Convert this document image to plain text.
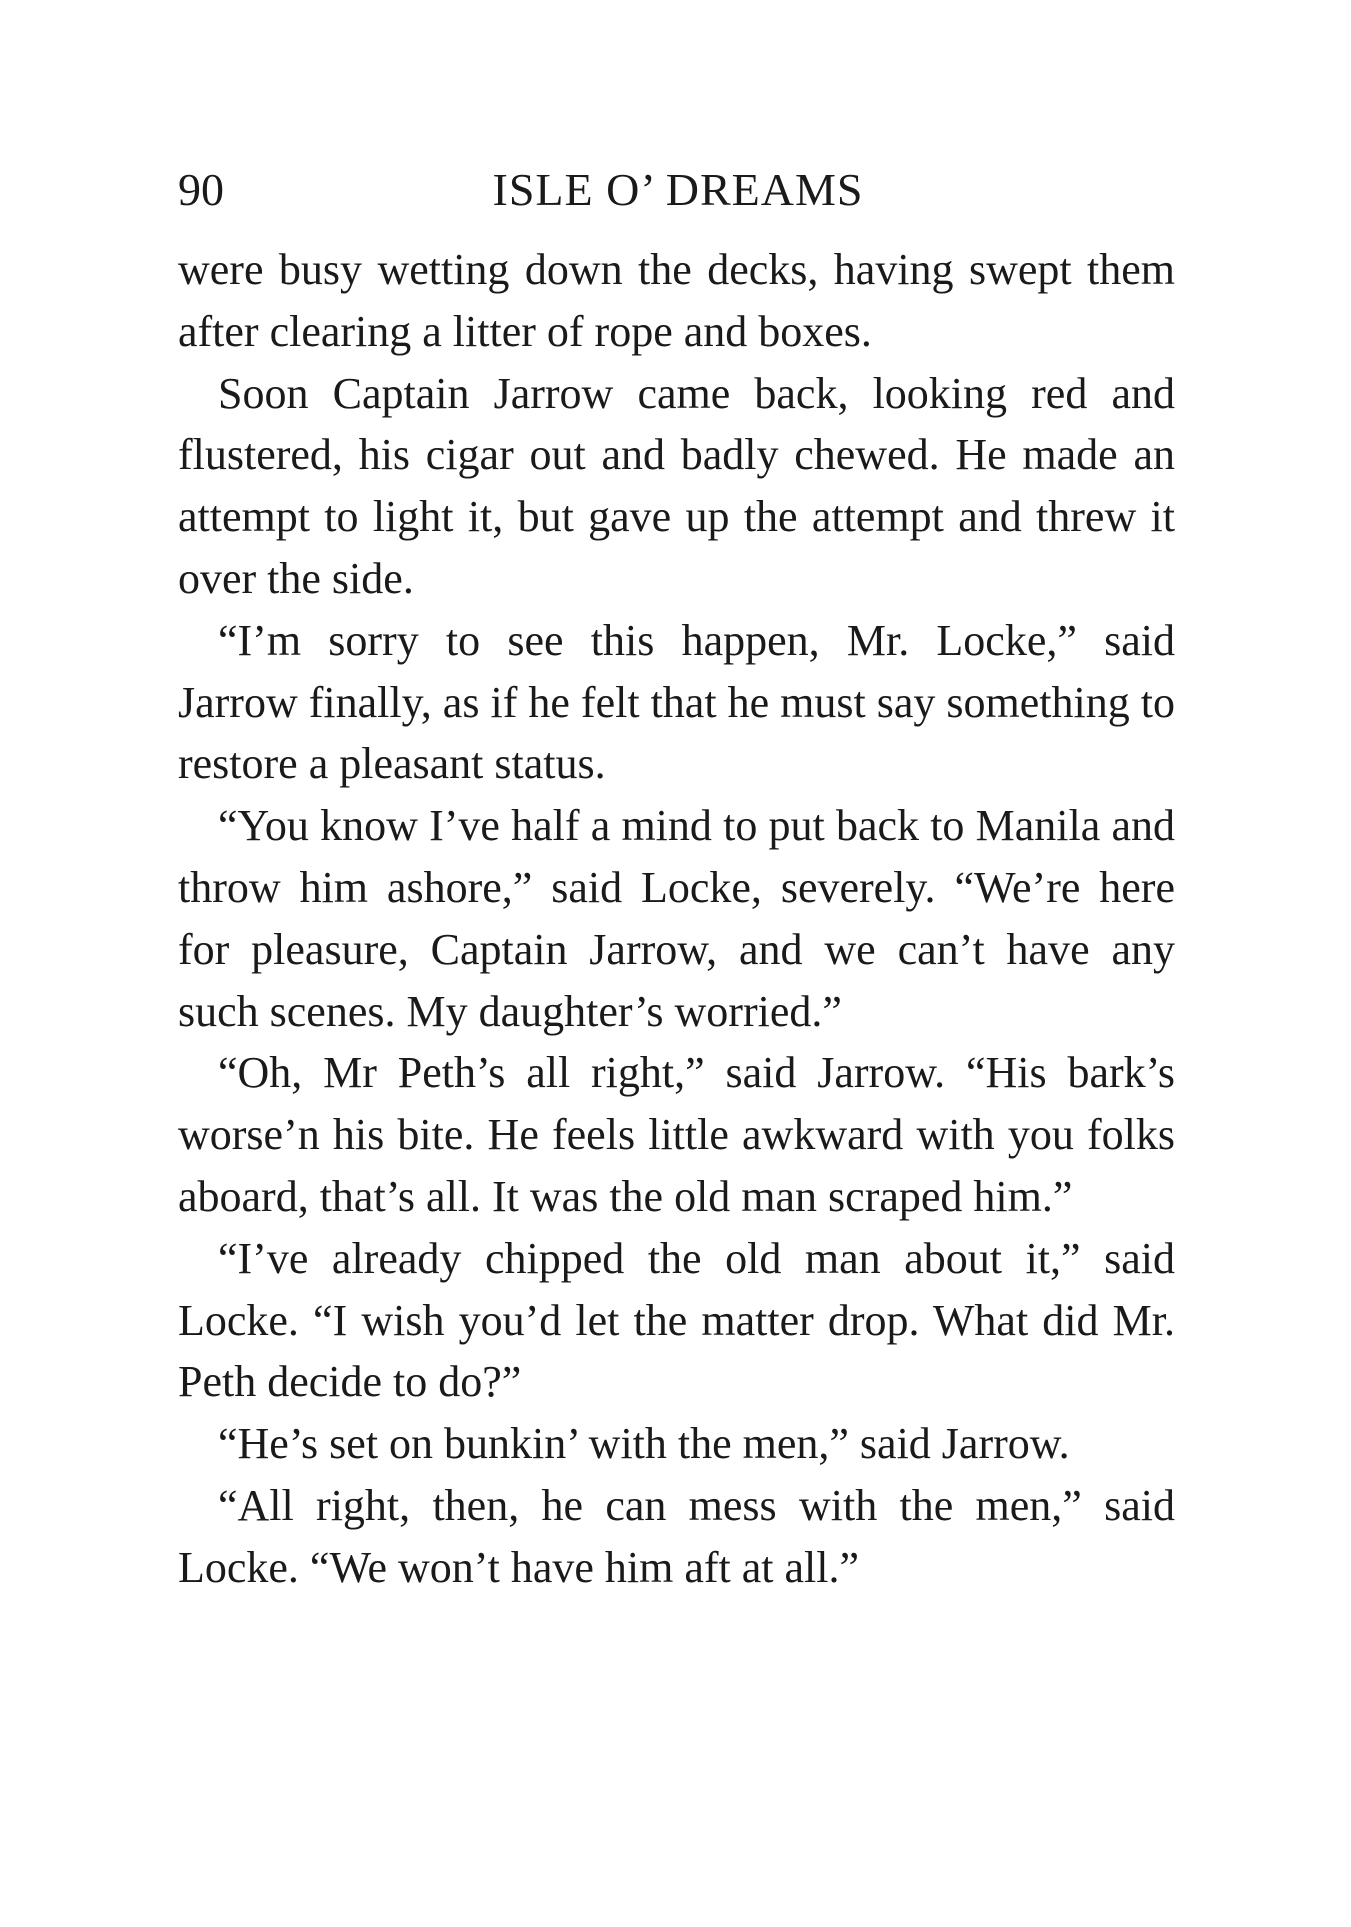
90	ISLE O’ DREAMS

were busy wetting down the decks, having swept them after clearing a litter of rope and boxes.

Soon Captain Jarrow came back, looking red and flustered, his cigar out and badly chewed. He made an attempt to light it, but gave up the attempt and threw it over the side.

“I’m sorry to see this happen, Mr. Locke,” said Jarrow finally, as if he felt that he must say something to restore a pleasant status.

“You know I’ve half a mind to put back to Manila and throw him ashore,” said Locke, severely. “We’re here for pleasure, Captain Jarrow, and we can’t have any such scenes. My daughter’s worried.”

“Oh, Mr Peth’s all right,” said Jarrow. “His bark’s worse’n his bite. He feels little awkward with you folks aboard, that’s all. It was the old man scraped him.”

“I’ve already chipped the old man about it,” said Locke. “I wish you’d let the matter drop. What did Mr. Peth decide to do?”

“He’s set on bunkin’ with the men,” said Jarrow.

“All right, then, he can mess with the men,” said Locke. “We won’t have him aft at all.”
